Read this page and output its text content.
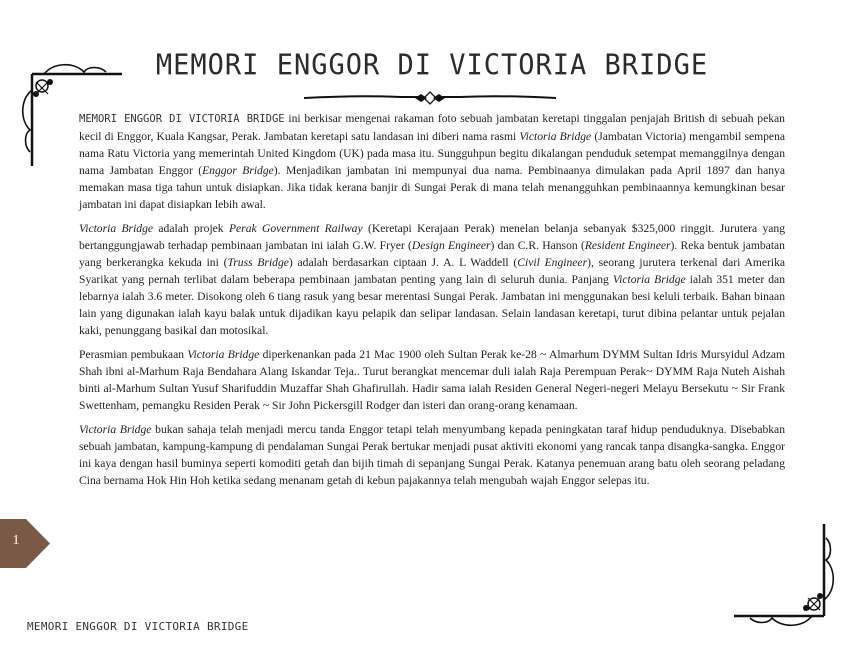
MEMORI ENGGOR DI VICTORIA BRIDGE

MEMORI ENGGOR DI VICTORIA BRIDGE ini berkisar mengenai rakaman foto sebuah jambatan keretapi tinggalan penjajah British di sebuah pekan kecil di Enggor, Kuala Kangsar, Perak. Jambatan keretapi satu landasan ini diberi nama rasmi Victoria Bridge (Jambatan Victoria) mengambil sempena nama Ratu Victoria yang memerintah United Kingdom (UK) pada masa itu. Sungguhpun begitu dikalangan penduduk setempat memanggilnya dengan nama Jambatan Enggor (Enggor Bridge). Menjadikan jambatan ini mempunyai dua nama. Pembinaanya dimulakan pada April 1897 dan hanya memakan masa tiga tahun untuk disiapkan. Jika tidak kerana banjir di Sungai Perak di mana telah menangguhkan pembinaannya kemungkinan besar jambatan ini dapat disiapkan lebih awal.

Victoria Bridge adalah projek Perak Government Railway (Keretapi Kerajaan Perak) menelan belanja sebanyak $325,000 ringgit. Jurutera yang bertanggungjawab terhadap pembinaan jambatan ini ialah G.W. Fryer (Design Engineer) dan C.R. Hanson (Resident Engineer). Reka bentuk jambatan yang berkerangka kekuda ini (Truss Bridge) adalah berdasarkan ciptaan J. A. L Waddell (Civil Engineer), seorang jurutera terkenal dari Amerika Syarikat yang pernah terlibat dalam beberapa pembinaan jambatan penting yang lain di seluruh dunia. Panjang Victoria Bridge ialah 351 meter dan lebarnya ialah 3.6 meter. Disokong oleh 6 tiang rasuk yang besar merentasi Sungai Perak. Jambatan ini menggunakan besi keluli terbaik. Bahan binaan lain yang digunakan ialah kayu balak untuk dijadikan kayu pelapik dan selipar landasan. Selain landasan keretapi, turut dibina pelantar untuk pejalan kaki, penunggang basikal dan motosikal.

Perasmian pembukaan Victoria Bridge diperkenankan pada 21 Mac 1900 oleh Sultan Perak ke-28 ~ Almarhum DYMM Sultan Idris Mursyidul Adzam Shah ibni al-Marhum Raja Bendahara Alang Iskandar Teja.. Turut berangkat mencemar duli ialah Raja Perempuan Perak~ DYMM Raja Nuteh Aishah binti al-Marhum Sultan Yusuf Sharifuddin Muzaffar Shah Ghafirullah. Hadir sama ialah Residen General Negeri-negeri Melayu Bersekutu ~ Sir Frank Swettenham, pemangku Residen Perak ~ Sir John Pickersgill Rodger dan isteri dan orang-orang kenamaan.

Victoria Bridge bukan sahaja telah menjadi mercu tanda Enggor tetapi telah menyumbang kepada peningkatan taraf hidup penduduknya. Disebabkan sebuah jambatan, kampung-kampung di pendalaman Sungai Perak bertukar menjadi pusat aktiviti ekonomi yang rancak tanpa disangka-sangka. Enggor ini kaya dengan hasil buminya seperti komoditi getah dan bijih timah di sepanjang Sungai Perak. Katanya penemuan arang batu oleh seorang peladang Cina bernama Hok Hin Hoh ketika sedang menanam getah di kebun pajakannya telah mengubah wajah Enggor selepas itu.

1
MEMORI ENGGOR DI VICTORIA BRIDGE
